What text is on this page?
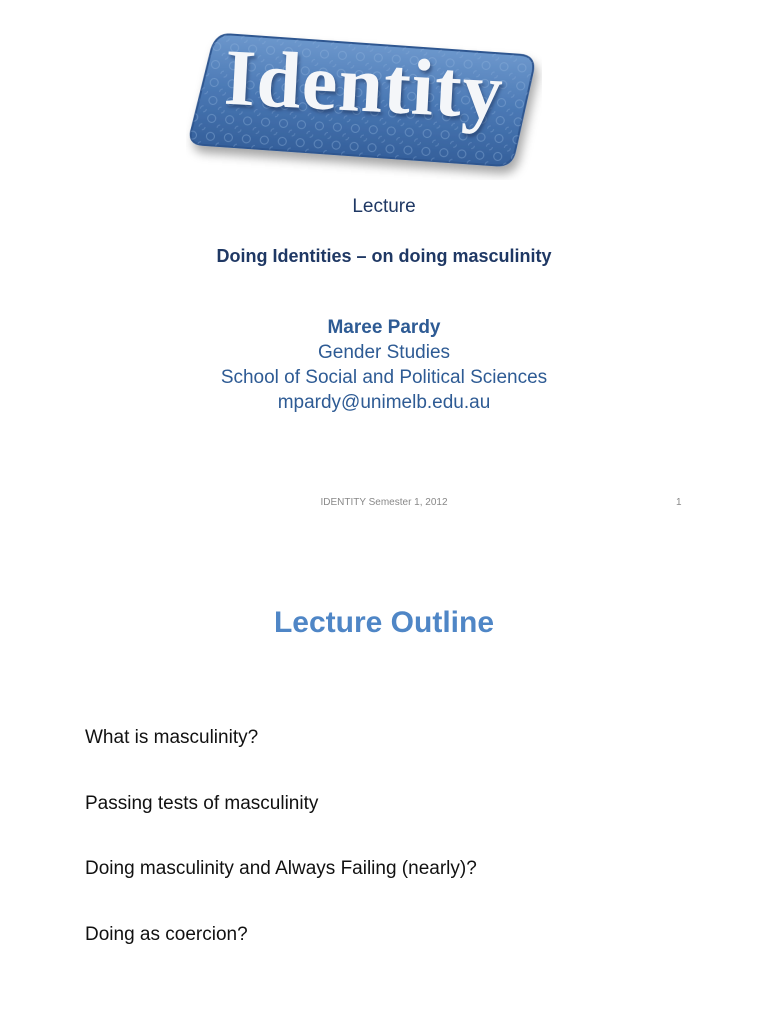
Identity
Lecture
Doing Identities – on doing masculinity
Maree Pardy
Gender Studies
School of Social and Political Sciences
mpardy@unimelb.edu.au
IDENTITY Semester 1, 2012	1
Lecture Outline
What is masculinity?
Passing tests of masculinity
Doing masculinity and Always Failing (nearly)?
Doing as coercion?
